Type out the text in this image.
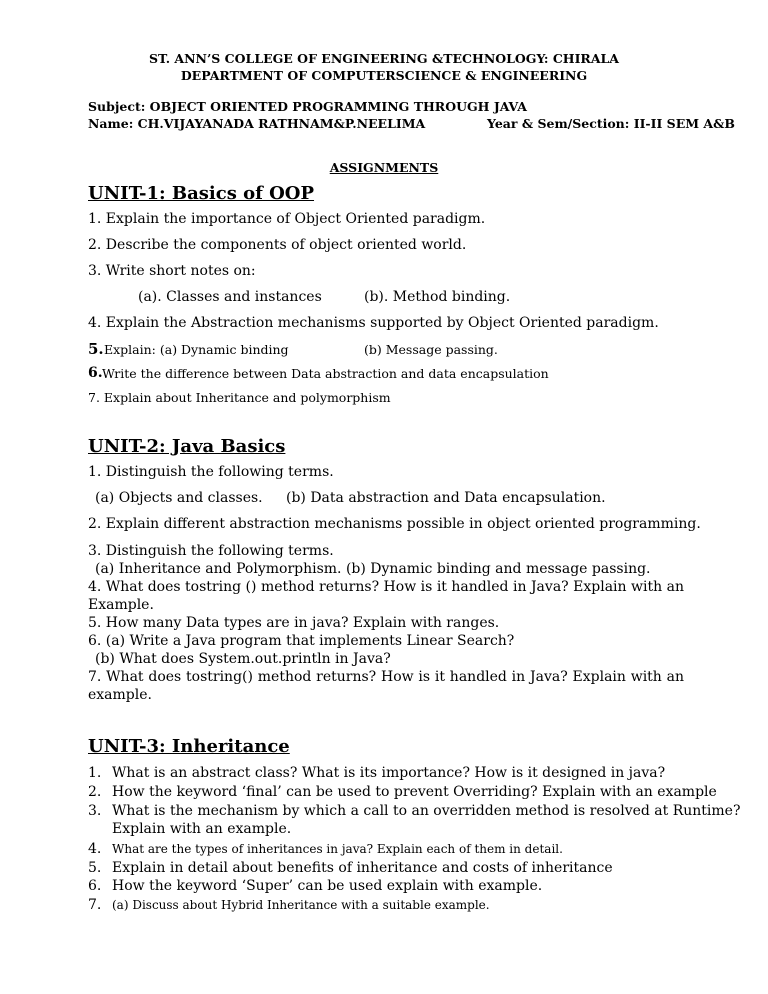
ST. ANN’S COLLEGE OF ENGINEERING &TECHNOLOGY: CHIRALA
DEPARTMENT OF COMPUTERSCIENCE & ENGINEERING
Subject: OBJECT ORIENTED PROGRAMMING THROUGH JAVA
Name: CH.VIJAYANADA RATHNAM&P.NEELIMA	Year & Sem/Section: II-II SEM A&B
ASSIGNMENTS
UNIT-1: Basics of OOP
1. Explain the importance of Object Oriented paradigm.
2. Describe the components of object oriented world.
3. Write short notes on:
(a). Classes and instances	(b). Method binding.
4. Explain the Abstraction mechanisms supported by Object Oriented paradigm.
5. Explain: (a) Dynamic binding	(b) Message passing.
6. Write the difference between Data abstraction and data encapsulation
7. Explain about Inheritance and polymorphism
UNIT-2: Java Basics
1. Distinguish the following terms.
(a) Objects and classes. (b) Data abstraction and Data encapsulation.
2. Explain different abstraction mechanisms possible in object oriented programming.
3. Distinguish the following terms.
(a) Inheritance and Polymorphism. (b) Dynamic binding and message passing.
4. What does tostring () method returns? How is it handled in Java? Explain with an
Example.
5. How many Data types are in java? Explain with ranges.
6. (a) Write a Java program that implements Linear Search?
(b) What does System.out.println in Java?
7. What does tostring() method returns? How is it handled in Java? Explain with an
example.
UNIT-3: Inheritance
1. What is an abstract class? What is its importance? How is it designed in java?
2. How the keyword ‘final’ can be used to prevent Overriding? Explain with an example
3. What is the mechanism by which a call to an overridden method is resolved at Runtime?
Explain with an example.
4. What are the types of inheritances in java? Explain each of them in detail.
5. Explain in detail about benefits of inheritance and costs of inheritance
6. How the keyword ‘Super’ can be used explain with example.
7. (a) Discuss about Hybrid Inheritance with a suitable example.
